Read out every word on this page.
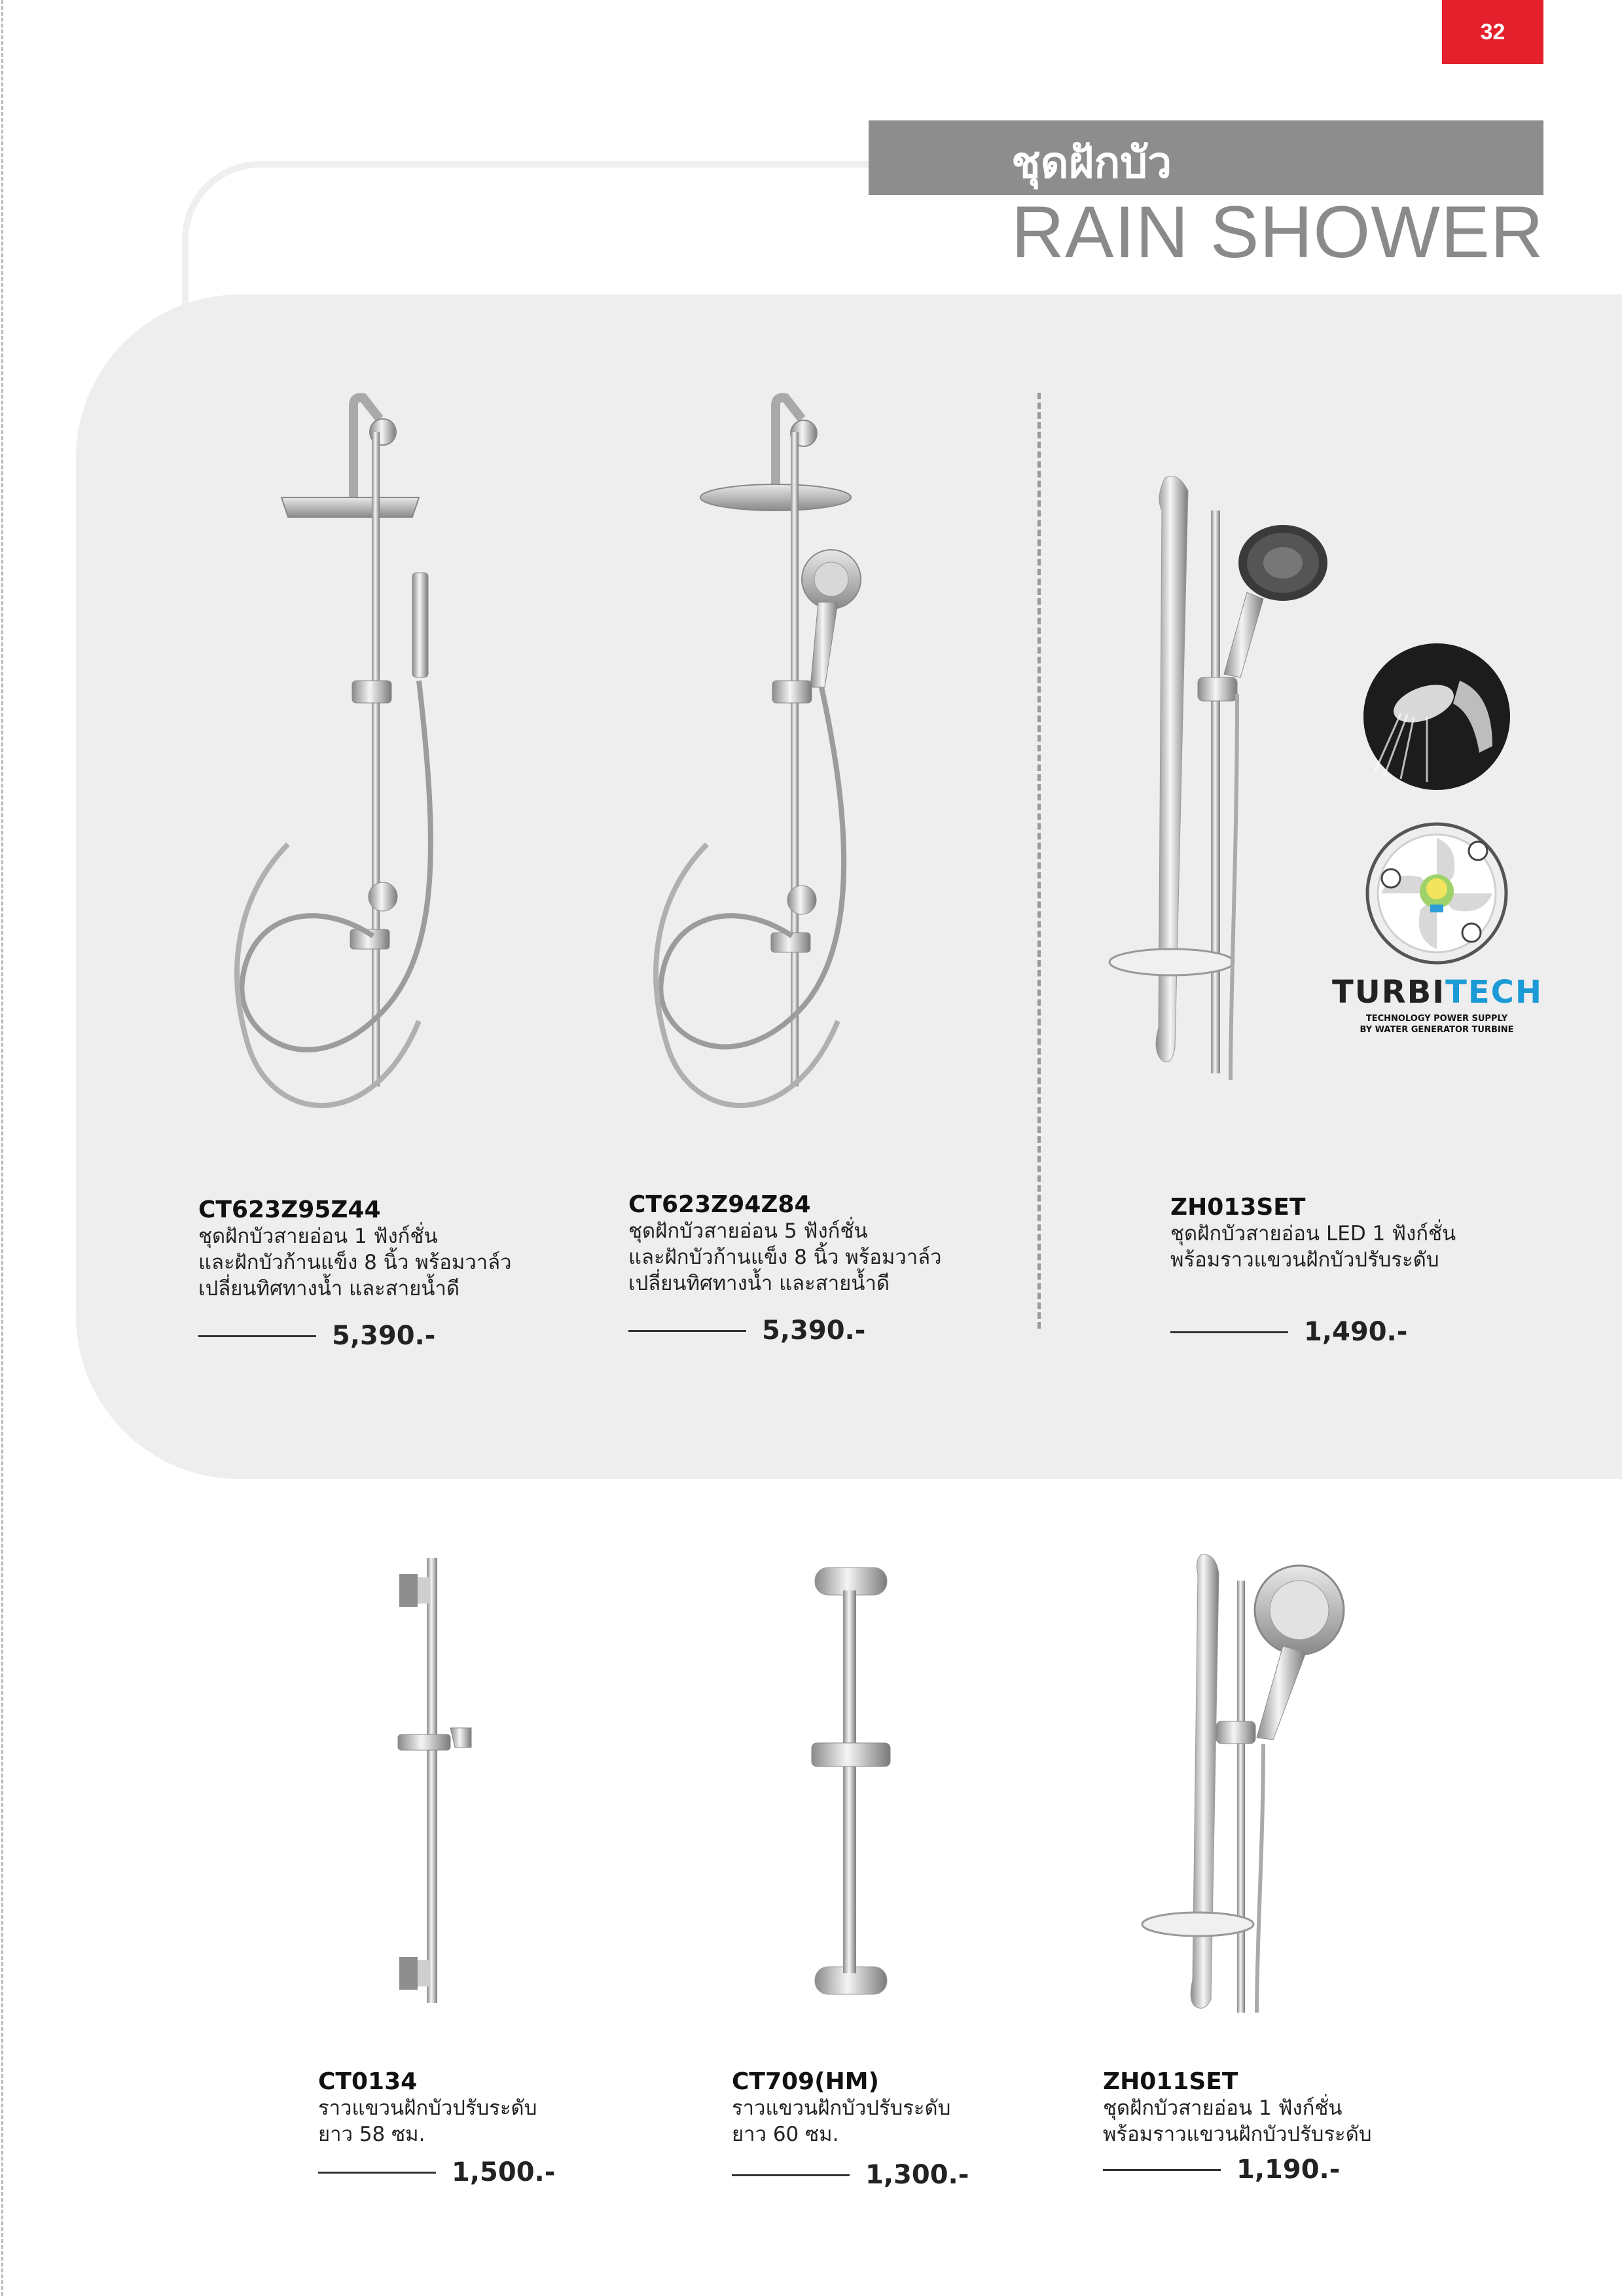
32
ชุดฝักบัว
RAIN SHOWER
TURBITECH
TECHNOLOGY POWER SUPPLY
BY WATER GENERATOR TURBINE
CT623Z95Z44
ชุดฝักบัวสายอ่อน 1 ฟังก์ชั่น
และฝักบัวก้านแข็ง 8 นิ้ว พร้อมวาล์ว
เปลี่ยนทิศทางน้ำ และสายน้ำดี
5,390.-
CT623Z94Z84
ชุดฝักบัวสายอ่อน 5 ฟังก์ชั่น
และฝักบัวก้านแข็ง 8 นิ้ว พร้อมวาล์ว
เปลี่ยนทิศทางน้ำ และสายน้ำดี
5,390.-
ZH013SET
ชุดฝักบัวสายอ่อน LED 1 ฟังก์ชั่น
พร้อมราวแขวนฝักบัวปรับระดับ
1,490.-
CT0134
ราวแขวนฝักบัวปรับระดับ
ยาว 58 ซม.
1,500.-
CT709(HM)
ราวแขวนฝักบัวปรับระดับ
ยาว 60 ซม.
1,300.-
ZH011SET
ชุดฝักบัวสายอ่อน 1 ฟังก์ชั่น
พร้อมราวแขวนฝักบัวปรับระดับ
1,190.-
